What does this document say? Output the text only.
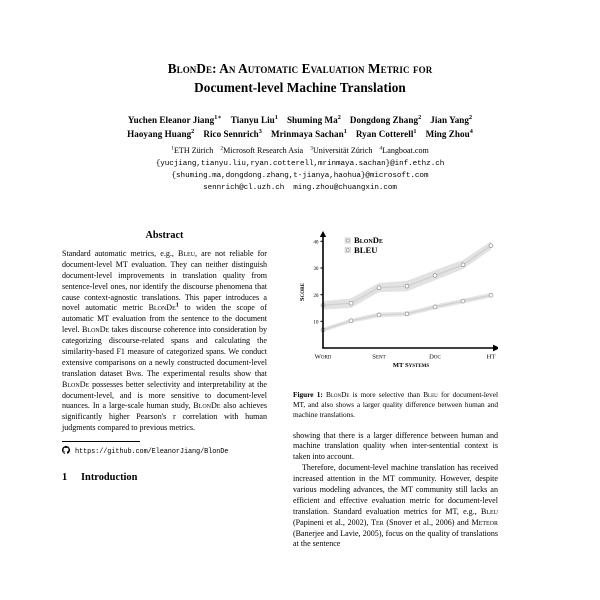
BlonDe: An Automatic Evaluation Metric for
Document-level Machine Translation
Yuchen Eleanor Jiang$^{1∗}$ Tianyu Liu$^1$ Shuming Ma$^2$ Dongdong Zhang$^2$ Jian Yang$^2$
Haoyang Huang$^2$ Rico Sennrich$^3$ Mrinmaya Sachan$^1$ Ryan Cotterell$^1$ Ming Zhou$^4$
$^1$ETH Zürich $^2$Microsoft Research Asia $^3$Universität Zürich $^4$Langboat.com
{yucjiang,tianyu.liu,ryan.cotterell,mrinmaya.sachan}@inf.ethz.ch
{shuming.ma,dongdong.zhang,t-jianya,haohua}@microsoft.com
sennrich@cl.uzh.ch  ming.zhou@chuangxin.com
Abstract

Standard automatic metrics, e.g., Bleu, are not reliable for document-level MT evaluation. They can neither distinguish document-level improvements in translation quality from sentence-level ones, nor identify the discourse phenomena that cause context-agnostic translations. This paper introduces a novel automatic metric BlonDe$^1$ to widen the scope of automatic MT evaluation from the sentence to the document level. BlonDe takes discourse coherence into consideration by categorizing discourse-related spans and calculating the similarity-based F1 measure of categorized spans. We conduct extensive comparisons on a newly constructed document-level translation dataset Bwb. The experimental results show that BlonDe possesses better selectivity and interpretability at the document-level, and is more sensitive to document-level nuances. In a large-scale human study, BlonDe also achieves significantly higher Pearson's r correlation with human judgments compared to previous metrics.

https://github.com/EleanorJiang/BlonDe
1	Introduction
10
20
30
40
Word	Sent	Doc	HT
MT Systems
Score
BlonDe
BLEU
Figure 1: BlonDe is more selective than Bleu for document-level MT, and also shows a larger quality difference between human and machine translations.

showing that there is a larger difference between human and machine translation quality when inter-sentential context is taken into account.

Therefore, document-level machine translation has received increased attention in the MT community. However, despite various modeling advances, the MT community still lacks an efficient and effective evaluation metric for document-level translation. Standard evaluation metrics for MT, e.g., Bleu (Papineni et al., 2002), Ter (Snover et al., 2006) and Meteor (Banerjee and Lavie, 2005), focus on the quality of translations at the sentence
